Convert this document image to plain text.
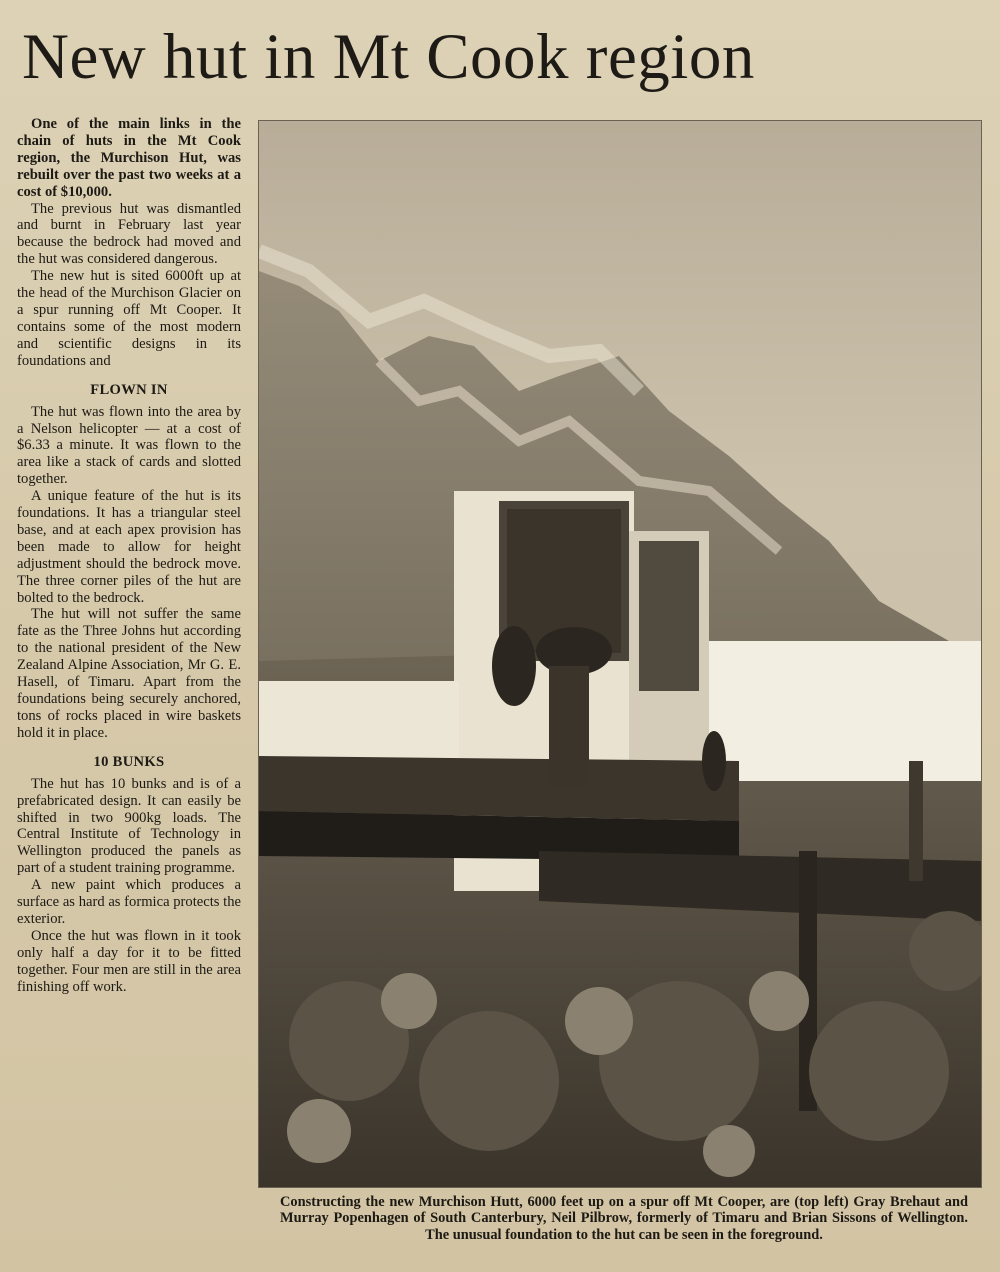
New hut in Mt Cook region

One of the main links in the chain of huts in the Mt Cook region, the Murchison Hut, was rebuilt over the past two weeks at a cost of $10,000.

The previous hut was dismantled and burnt in February last year because the bedrock had moved and the hut was considered dangerous.

The new hut is sited 6000ft up at the head of the Murchison Glacier on a spur running off Mt Cooper. It contains some of the most modern and scientific designs in its foundations and

FLOWN IN

The hut was flown into the area by a Nelson helicopter — at a cost of $6.33 a minute. It was flown to the area like a stack of cards and slotted together.

A unique feature of the hut is its foundations. It has a triangular steel base, and at each apex provision has been made to allow for height adjustment should the bedrock move. The three corner piles of the hut are bolted to the bedrock.

The hut will not suffer the same fate as the Three Johns hut according to the national president of the New Zealand Alpine Association, Mr G. E. Hasell, of Timaru. Apart from the foundations being securely anchored, tons of rocks placed in wire baskets hold it in place.

10 BUNKS

The hut has 10 bunks and is of a prefabricated design. It can easily be shifted in two 900kg loads. The Central Institute of Technology in Wellington produced the panels as part of a student training programme.

A new paint which produces a surface as hard as formica protects the exterior.

Once the hut was flown in it took only half a day for it to be fitted together. Four men are still in the area finishing off work.

Constructing the new Murchison Hutt, 6000 feet up on a spur off Mt Cooper, are (top left) Gray Brehaut and Murray Popenhagen of South Canterbury, Neil Pilbrow, formerly of Timaru and Brian Sissons of Wellington. The unusual foundation to the hut can be seen in the foreground.
